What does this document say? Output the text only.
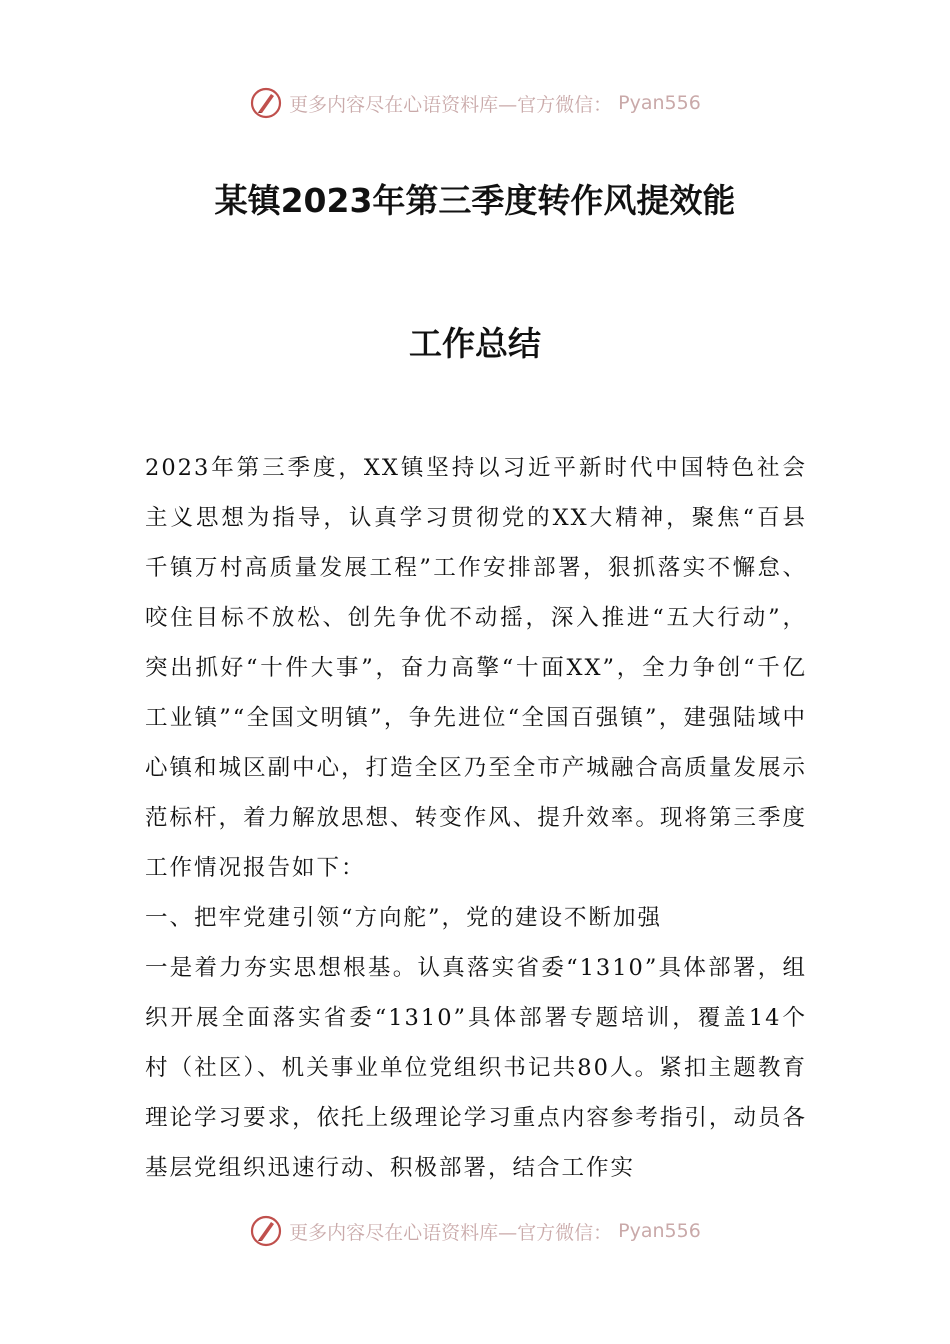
更多内容尽在心语资料库—官方微信： Pyan556
某镇2023年第三季度转作风提效能
工作总结

2023年第三季度，XX镇坚持以习近平新时代中国特色社会主义思想为指导，认真学习贯彻党的XX大精神，聚焦“百县千镇万村高质量发展工程”工作安排部署，狠抓落实不懈怠、咬住目标不放松、创先争优不动摇，深入推进“五大行动”，突出抓好“十件大事”，奋力高擎“十面XX”，全力争创“千亿工业镇”“全国文明镇”，争先进位“全国百强镇”，建强陆域中心镇和城区副中心，打造全区乃至全市产城融合高质量发展示范标杆，着力解放思想、转变作风、提升效率。现将第三季度工作情况报告如下：

一、把牢党建引领“方向舵”，党的建设不断加强

一是着力夯实思想根基。认真落实省委“1310”具体部署，组织开展全面落实省委“1310”具体部署专题培训，覆盖14个村（社区）、机关事业单位党组织书记共80人。紧扣主题教育理论学习要求，依托上级理论学习重点内容参考指引，动员各基层党组织迅速行动、积极部署，结合工作实

更多内容尽在心语资料库—官方微信： Pyan556
